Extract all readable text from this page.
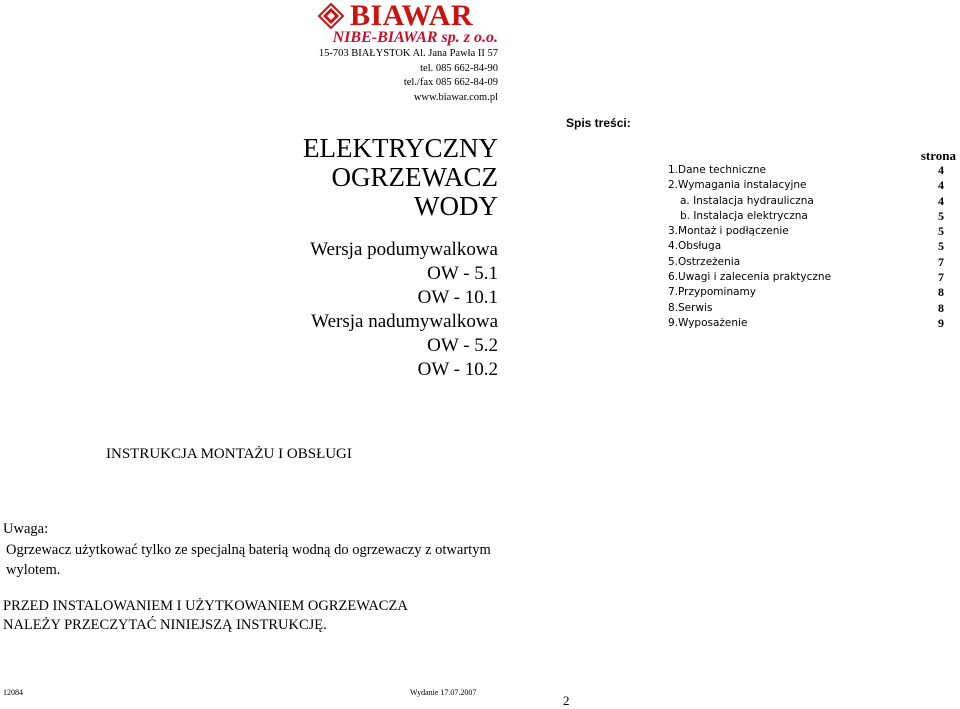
BIAWAR
NIBE-BIAWAR sp. z o.o.
15-703 BIAŁYSTOK Al. Jana Pawła II 57
tel. 085 662-84-90
tel./fax 085 662-84-09
www.biawar.com.pl
ELEKTRYCZNY
OGRZEWACZ
WODY
Wersja podumywalkowa
OW - 5.1
OW - 10.1
Wersja nadumywalkowa
OW - 5.2
OW - 10.2
Spis treści:
strona
1.Dane techniczne	4
2.Wymagania instalacyjne	4
a. Instalacja hydrauliczna	4
b. Instalacja elektryczna	5
3.Montaż i podłączenie	5
4.Obsługa	5
5.Ostrzeżenia	7
6.Uwagi i zalecenia praktyczne	7
7.Przypominamy	8
8.Serwis	8
9.Wyposażenie	9
INSTRUKCJA MONTAŻU I OBSŁUGI
Uwaga:
Ogrzewacz użytkować tylko ze specjalną baterią wodną do ogrzewaczy z otwartym wylotem.
PRZED INSTALOWANIEM I UŻYTKOWANIEM OGRZEWACZA
NALEŻY PRZECZYTAĆ NINIEJSZĄ INSTRUKCJĘ.
12084	Wydanie 17.07.2007
2
